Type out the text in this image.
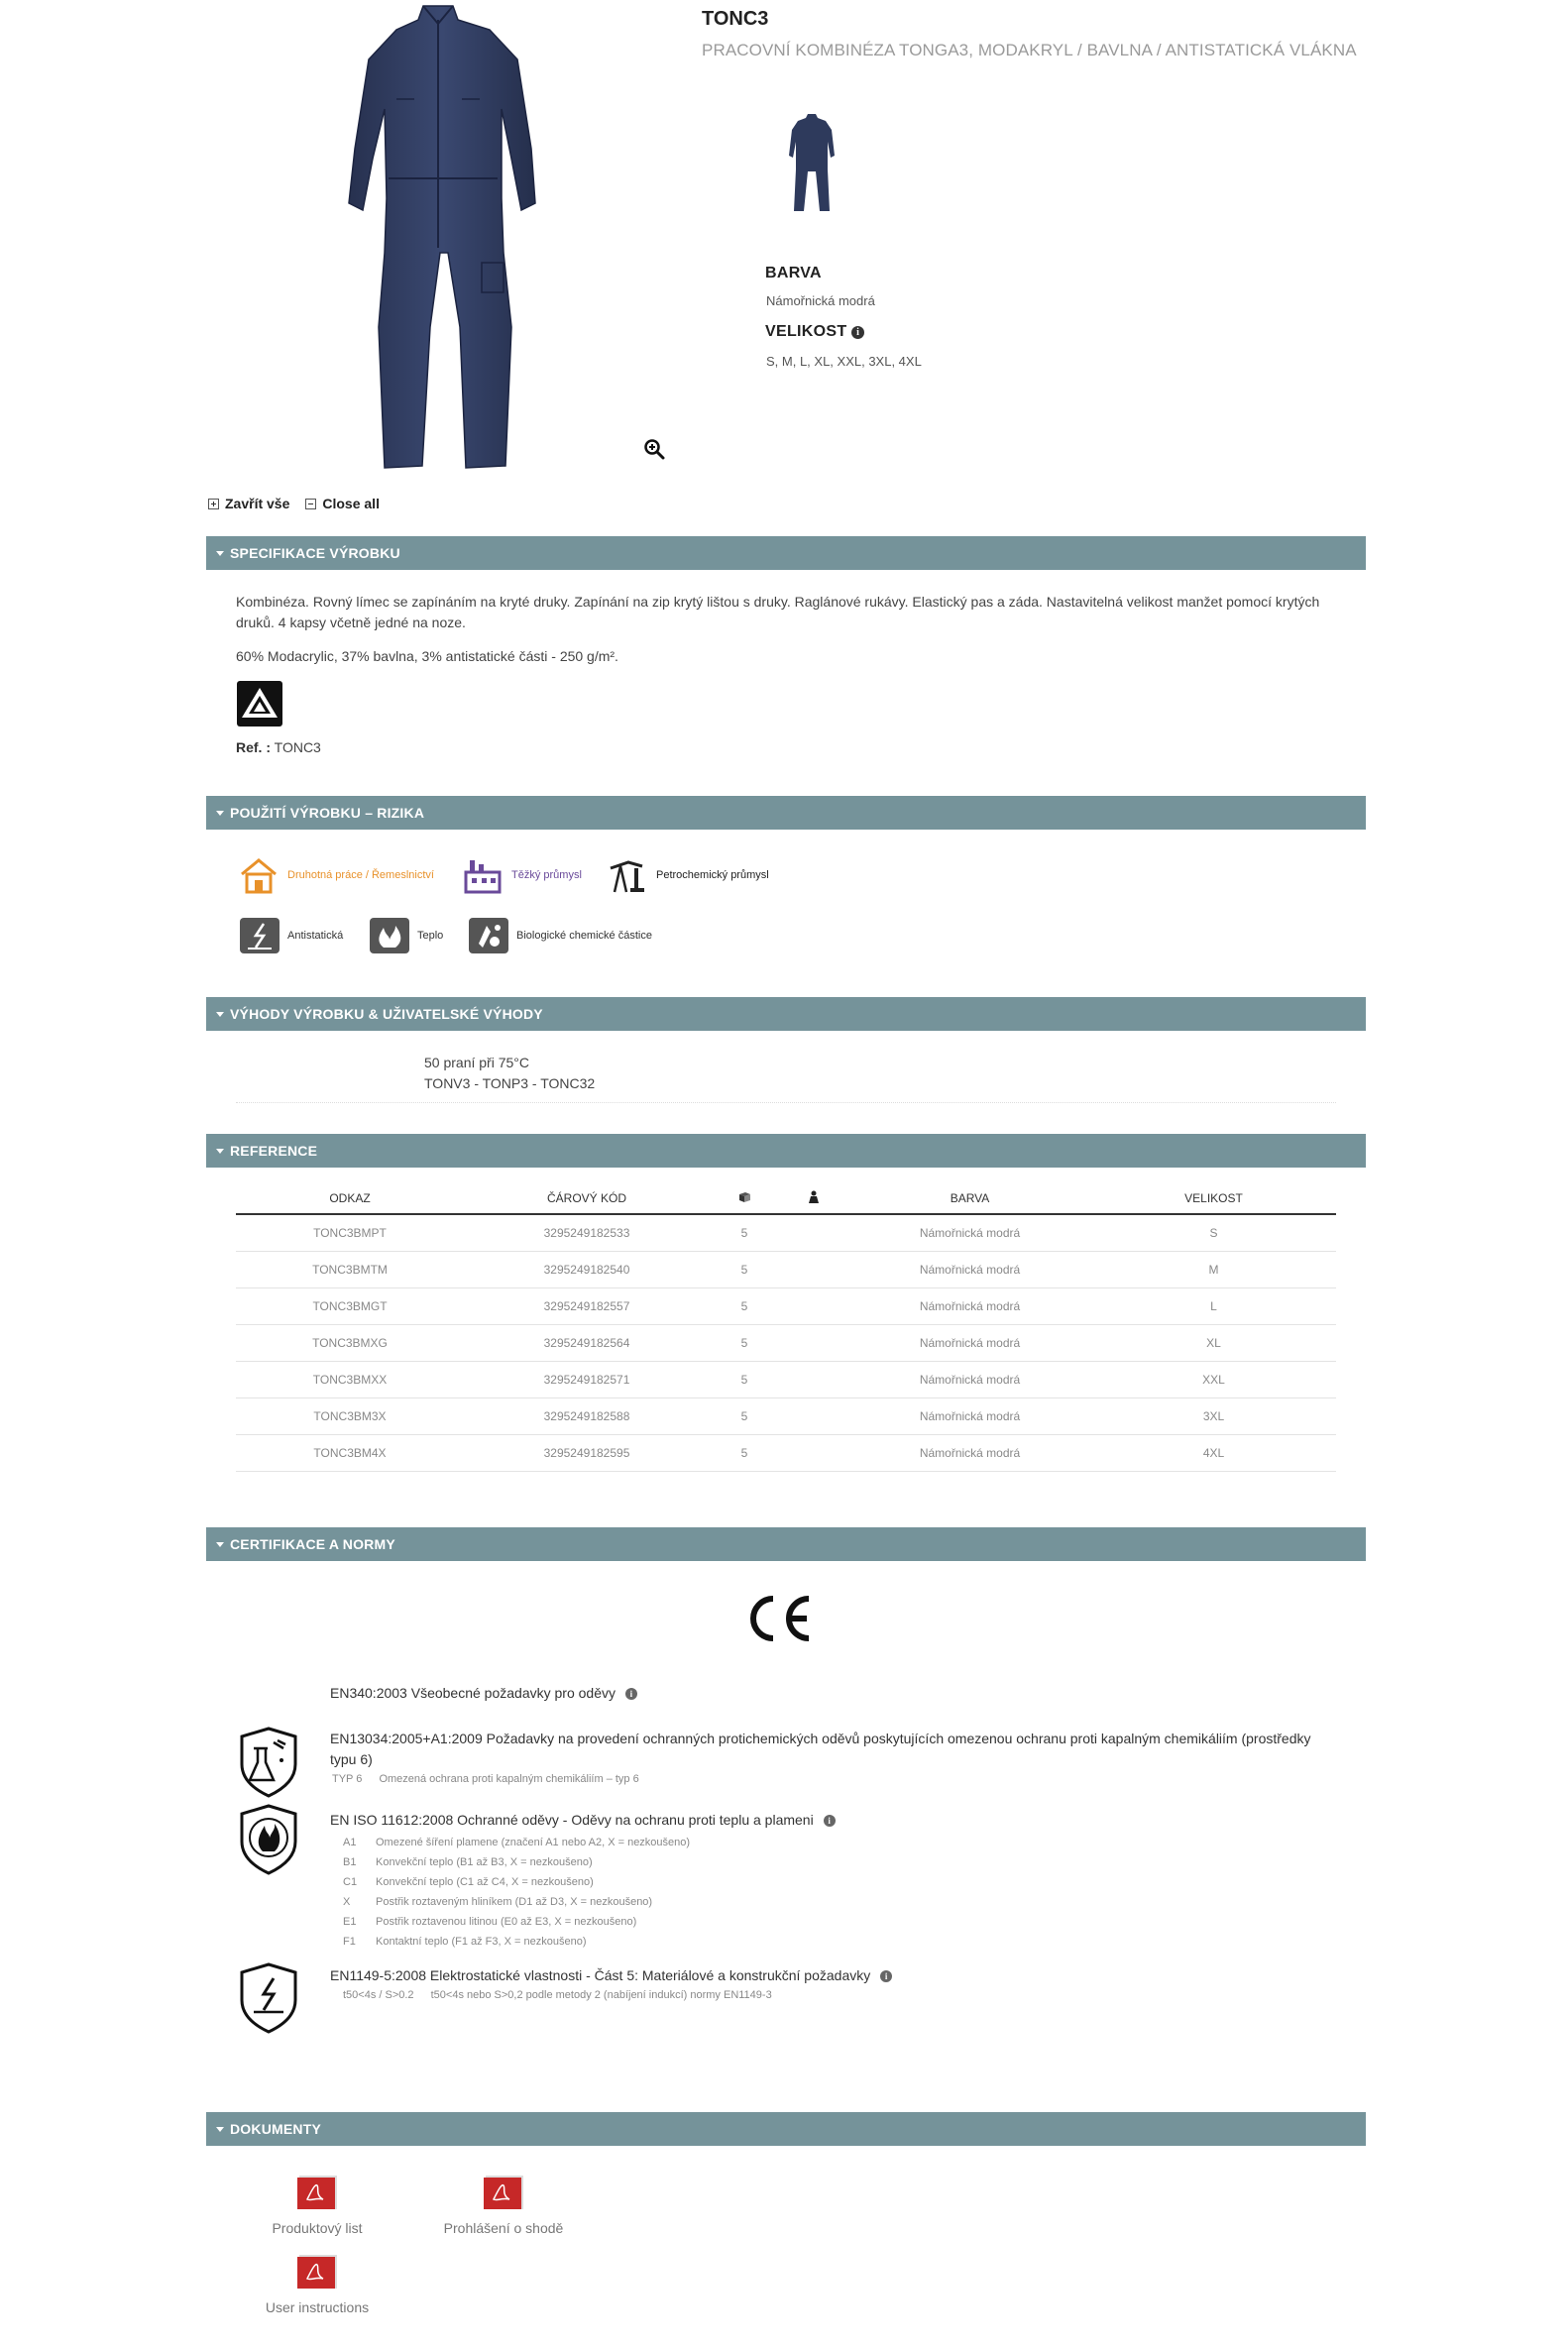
TONC3
PRACOVNÍ KOMBINÉZA TONGA3, MODAKRYL / BAVLNA / ANTISTATICKÁ VLÁKNA
BARVA
Námořnická modrá
VELIKOST i
S, M, L, XL, XXL, 3XL, 4XL
Zavřít vše Close all
SPECIFIKACE VÝROBKU
Kombinéza. Rovný límec se zapínáním na kryté druky. Zapínání na zip krytý lištou s druky. Raglánové rukávy. Elastický pas a záda. Nastavitelná velikost manžet pomocí krytých druků. 4 kapsy včetně jedné na noze.
60% Modacrylic, 37% bavlna, 3% antistatické části - 250 g/m².
Ref. : TONC3
POUŽITÍ VÝROBKU – RIZIKA
Druhotná práce / Řemeslnictví	Těžký průmysl	Petrochemický průmysl
Antistatická	Teplo	Biologické chemické částice
VÝHODY VÝROBKU & UŽIVATELSKÉ VÝHODY
50 praní při 75°C
TONV3 - TONP3 - TONC32
REFERENCE
ODKAZ	ČÁROVÝ KÓD			BARVA	VELIKOST
TONC3BMPT	3295249182533	5		Námořnická modrá	S
TONC3BMTM	3295249182540	5		Námořnická modrá	M
TONC3BMGT	3295249182557	5		Námořnická modrá	L
TONC3BMXG	3295249182564	5		Námořnická modrá	XL
TONC3BMXX	3295249182571	5		Námořnická modrá	XXL
TONC3BM3X	3295249182588	5		Námořnická modrá	3XL
TONC3BM4X	3295249182595	5		Námořnická modrá	4XL
CERTIFIKACE A NORMY
EN340:2003 Všeobecné požadavky pro oděvy i
EN13034:2005+A1:2009 Požadavky na provedení ochranných protichemických oděvů poskytujících omezenou ochranu proti kapalným chemikáliím (prostředky typu 6)
TYP 6 Omezená ochrana proti kapalným chemikáliím – typ 6
EN ISO 11612:2008 Ochranné oděvy - Oděvy na ochranu proti teplu a plameni i
A1 Omezené šíření plamene (značení A1 nebo A2, X = nezkoušeno)
B1 Konvekční teplo (B1 až B3, X = nezkoušeno)
C1 Konvekční teplo (C1 až C4, X = nezkoušeno)
X Postřik roztaveným hliníkem (D1 až D3, X = nezkoušeno)
E1 Postřik roztavenou litinou (E0 až E3, X = nezkoušeno)
F1 Kontaktní teplo (F1 až F3, X = nezkoušeno)
EN1149-5:2008 Elektrostatické vlastnosti - Část 5: Materiálové a konstrukční požadavky i
t50<4s / S>0.2 t50<4s nebo S>0,2 podle metody 2 (nabíjení indukcí) normy EN1149-3
DOKUMENTY
Produktový list	Prohlášení o shodě
User instructions
